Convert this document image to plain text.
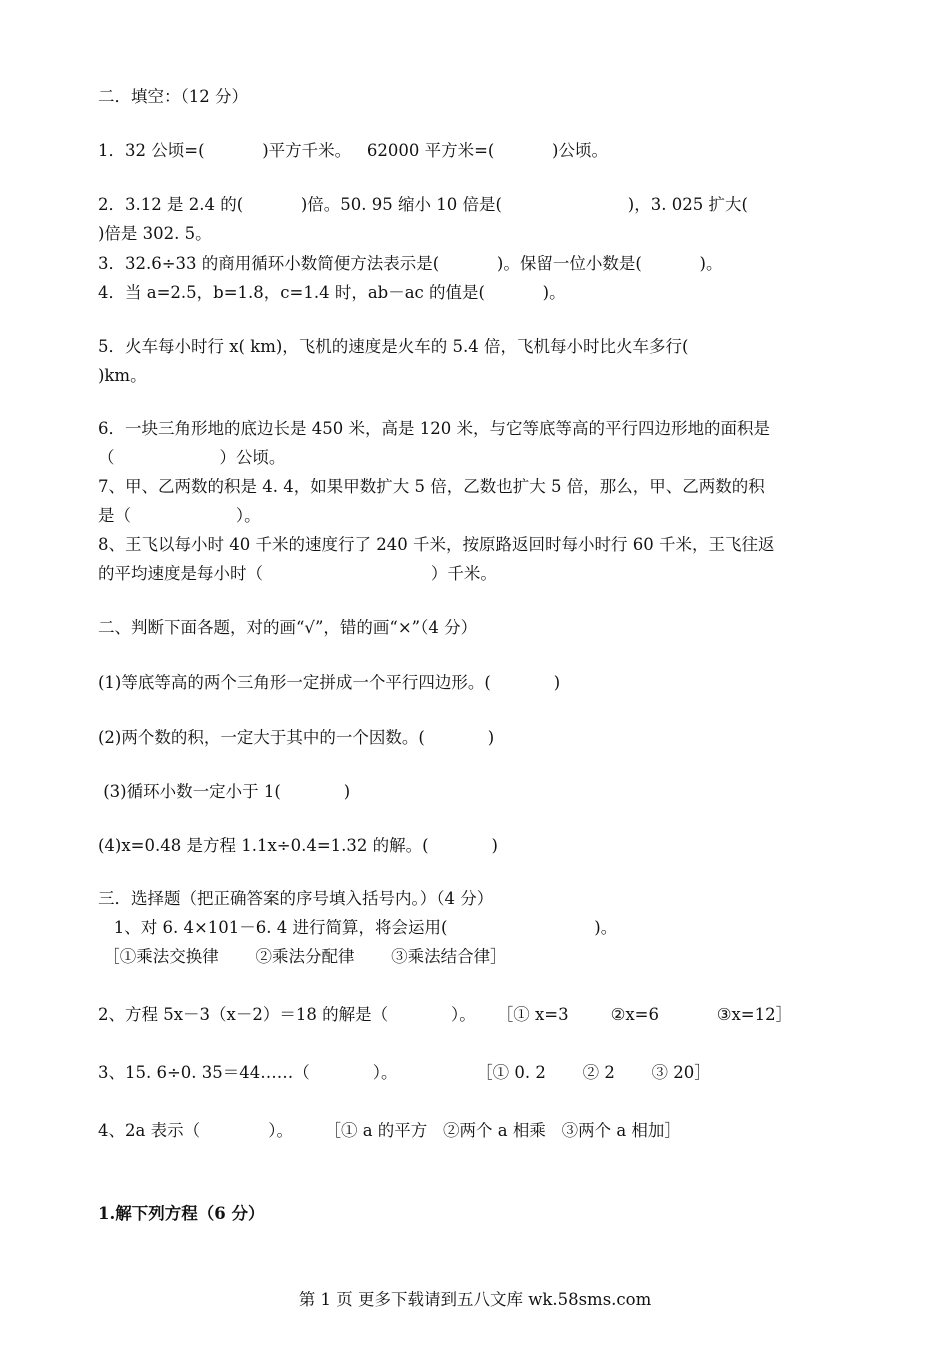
二．填空：（12 分）
1．32 公顷=(           )平方千米。   62000 平方米=(           )公顷。
2．3.12 是 2.4 的(           )倍。50. 95 缩小 10 倍是(                        )，3. 025 扩大(
)倍是 302. 5。
3．32.6÷33 的商用循环小数简便方法表示是(           )。保留一位小数是(           )。
4．当 a=2.5，b=1.8，c=1.4 时，ab－ac 的值是(           )。
5．火车每小时行 x( km)，飞机的速度是火车的 5.4 倍，飞机每小时比火车多行(
)km。
6．一块三角形地的底边长是 450 米，高是 120 米，与它等底等高的平行四边形地的面积是
（                    ）公顷。
7、甲、乙两数的积是 4. 4，如果甲数扩大 5 倍，乙数也扩大 5 倍，那么，甲、乙两数的积
是（                    ）。
8、王飞以每小时 40 千米的速度行了 240 千米，按原路返回时每小时行 60 千米，王飞往返
的平均速度是每小时（                                ）千米。
二、判断下面各题，对的画“√”，错的画“×”（4 分）
(1)等底等高的两个三角形一定拼成一个平行四边形。(            )
(2)两个数的积，一定大于其中的一个因数。(            )
(3)循环小数一定小于 1(            )
(4)x=0.48 是方程 1.1x÷0.4=1.32 的解。(            )
三．选择题（把正确答案的序号填入括号内。）（4 分）
1、对 6. 4×101－6. 4 进行简算，将会运用(                            )。
［①乘法交换律       ②乘法分配律       ③乘法结合律］
2、方程 5x－3（x－2）＝18 的解是（            ）。    ［① x=3        ②x=6           ③x=12］
3、15. 6÷0. 35＝44……（            ）。               ［① 0. 2       ② 2       ③ 20］
4、2a 表示（             ）。      ［① a 的平方   ②两个 a 相乘   ③两个 a 相加］
1.解下列方程（6 分）
第 1 页 更多下载请到五八文库 wk.58sms.com
